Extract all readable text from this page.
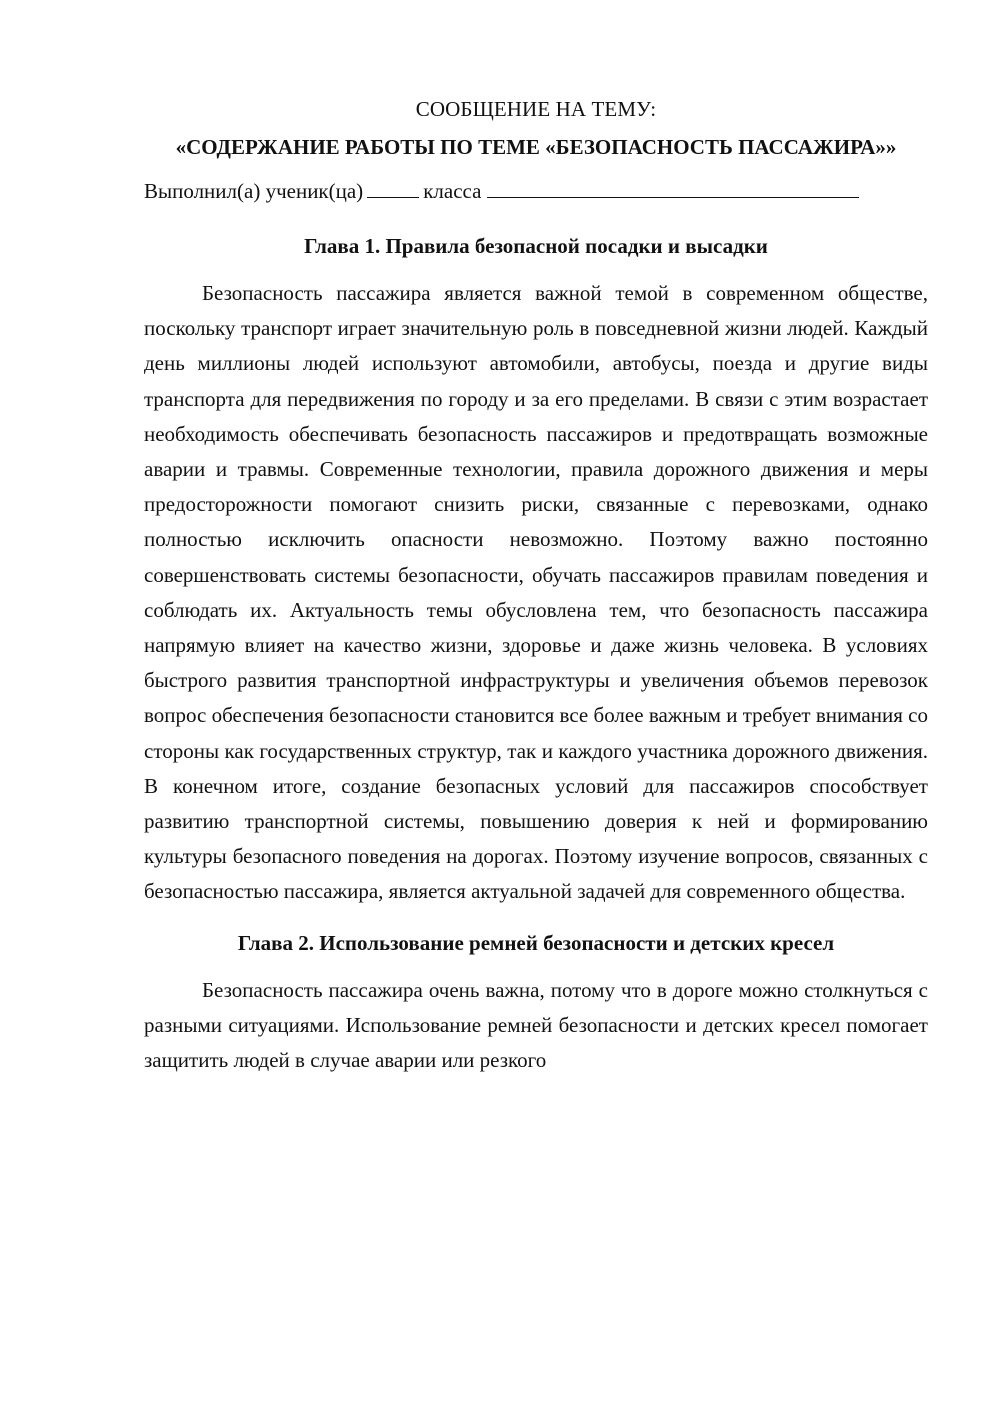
СООБЩЕНИЕ НА ТЕМУ:

«СОДЕРЖАНИЕ РАБОТЫ ПО ТЕМЕ «БЕЗОПАСНОСТЬ ПАССАЖИРА»»

Выполнил(а) ученик(ца)	класса

Глава 1. Правила безопасной посадки и высадки

Безопасность пассажира является важной темой в современном обществе, поскольку транспорт играет значительную роль в повседневной жизни людей. Каждый день миллионы людей используют автомобили, автобусы, поезда и другие виды транспорта для передвижения по городу и за его пределами. В связи с этим возрастает необходимость обеспечивать безопасность пассажиров и предотвращать возможные аварии и травмы. Современные технологии, правила дорожного движения и меры предосторожности помогают снизить риски, связанные с перевозками, однако полностью исключить опасности невозможно. Поэтому важно постоянно совершенствовать системы безопасности, обучать пассажиров правилам поведения и соблюдать их. Актуальность темы обусловлена тем, что безопасность пассажира напрямую влияет на качество жизни, здоровье и даже жизнь человека. В условиях быстрого развития транспортной инфраструктуры и увеличения объемов перевозок вопрос обеспечения безопасности становится все более важным и требует внимания со стороны как государственных структур, так и каждого участника дорожного движения. В конечном итоге, создание безопасных условий для пассажиров способствует развитию транспортной системы, повышению доверия к ней и формированию культуры безопасного поведения на дорогах. Поэтому изучение вопросов, связанных с безопасностью пассажира, является актуальной задачей для современного общества.

Глава 2. Использование ремней безопасности и детских кресел

Безопасность пассажира очень важна, потому что в дороге можно столкнуться с разными ситуациями. Использование ремней безопасности и детских кресел помогает защитить людей в случае аварии или резкого
